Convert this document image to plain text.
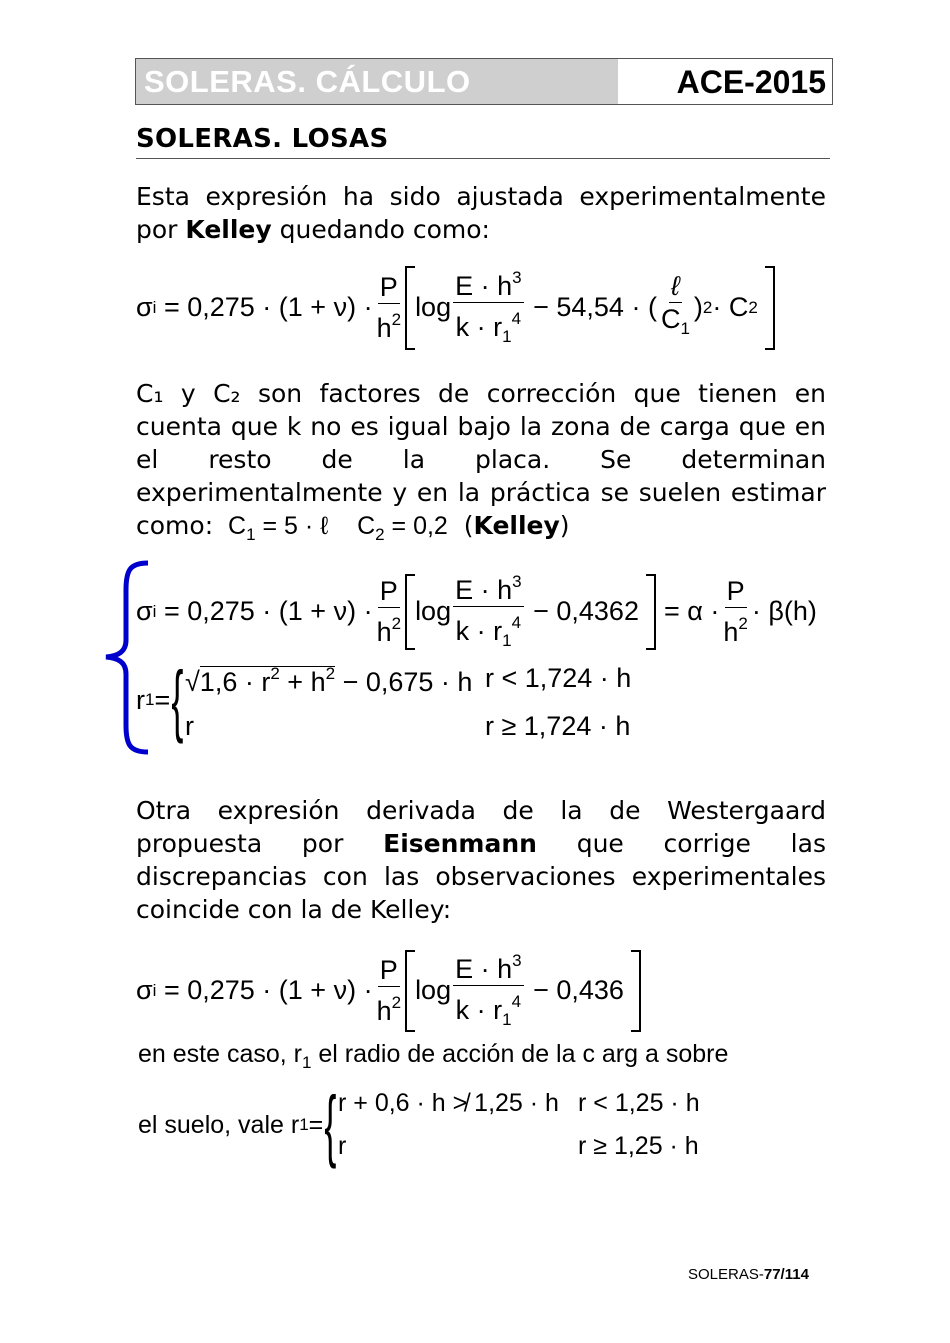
SOLERAS. CÁLCULO	ACE-2015
SOLERAS. LOSAS
Esta expresión ha sido ajustada experimentalmente por Kelley quedando como:
σ i
= $0,275 \cdot (1 + \nu) \cdot \frac{P}{h^2}$ $\log \frac{E \cdot h^3}{k \cdot r_1^4}$
− 54,54 · ( $\frac{\text{ℓ}}{C_1}$ ) 2 · C 2

C₁ y C₂ son factores de corrección que tienen en cuenta que k no es igual bajo la zona de carga que en el resto de la placa. Se determinan experimentalmente y en la práctica se suelen estimar como: $C_1 = 5$ · ℓ $C_2 = 0,2$ (Kelley)
σ i
= $0,275 \cdot (1 + \nu) \cdot \frac{P}{h^2}$ $\log \frac{E \cdot h^3}{k \cdot r_1^4}$
− 0,4362

= $\alpha \cdot \frac{P}{h^2} \cdot \beta(h)$
r 1 = { $√1,6 \cdot r^2 + h^2 - 0,675 \cdot h$ r < 1,724 · h
r	r ≥ 1,724 · h
Otra expresión derivada de la de Westergaard propuesta por Eisenmann que corrige las discrepancias con las observaciones experimentales coincide con la de Kelley:
σ i
= $0,275 \cdot (1 + \nu) \cdot \frac{P}{h^2}$ $\log \frac{E \cdot h^3}{k \cdot r_1^4}$
− 0,436

en este caso, $r_1$ el radio de acción de la c arg a sobre
el suelo, vale r 1 = { r + 0,6 · h ≯ 1,25 · h r < 1,25 · h
r	r ≥ 1,25 · h
SOLERAS-77/114
